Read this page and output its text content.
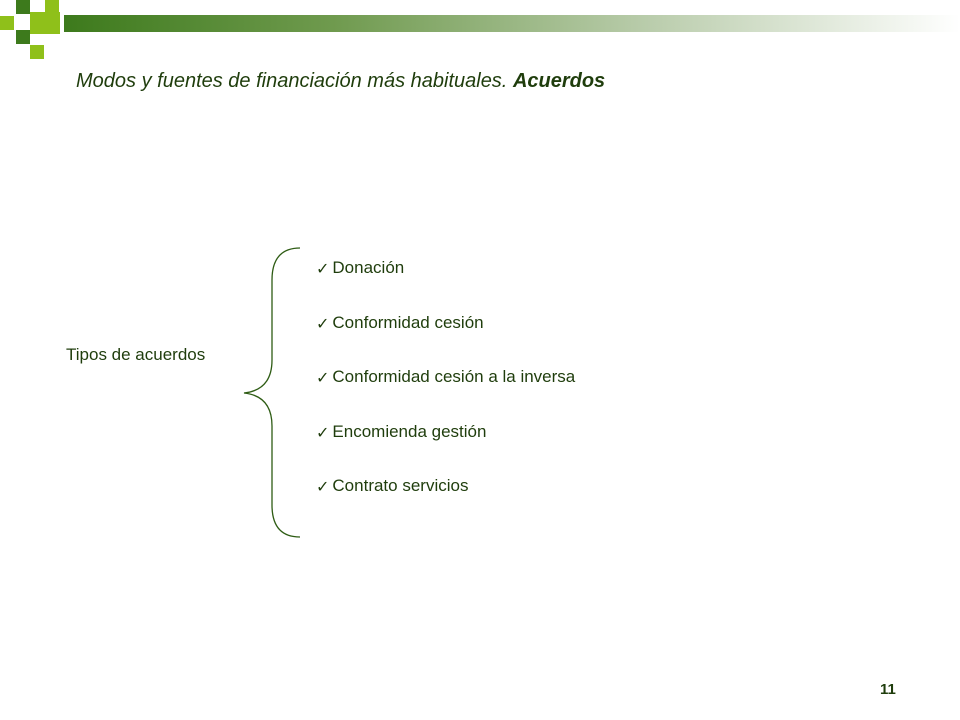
Modos y fuentes de financiación más habituales. Acuerdos
Tipos de acuerdos
✓ Donación
✓ Conformidad cesión
✓ Conformidad cesión a la inversa
✓ Encomienda gestión
✓ Contrato servicios
11
